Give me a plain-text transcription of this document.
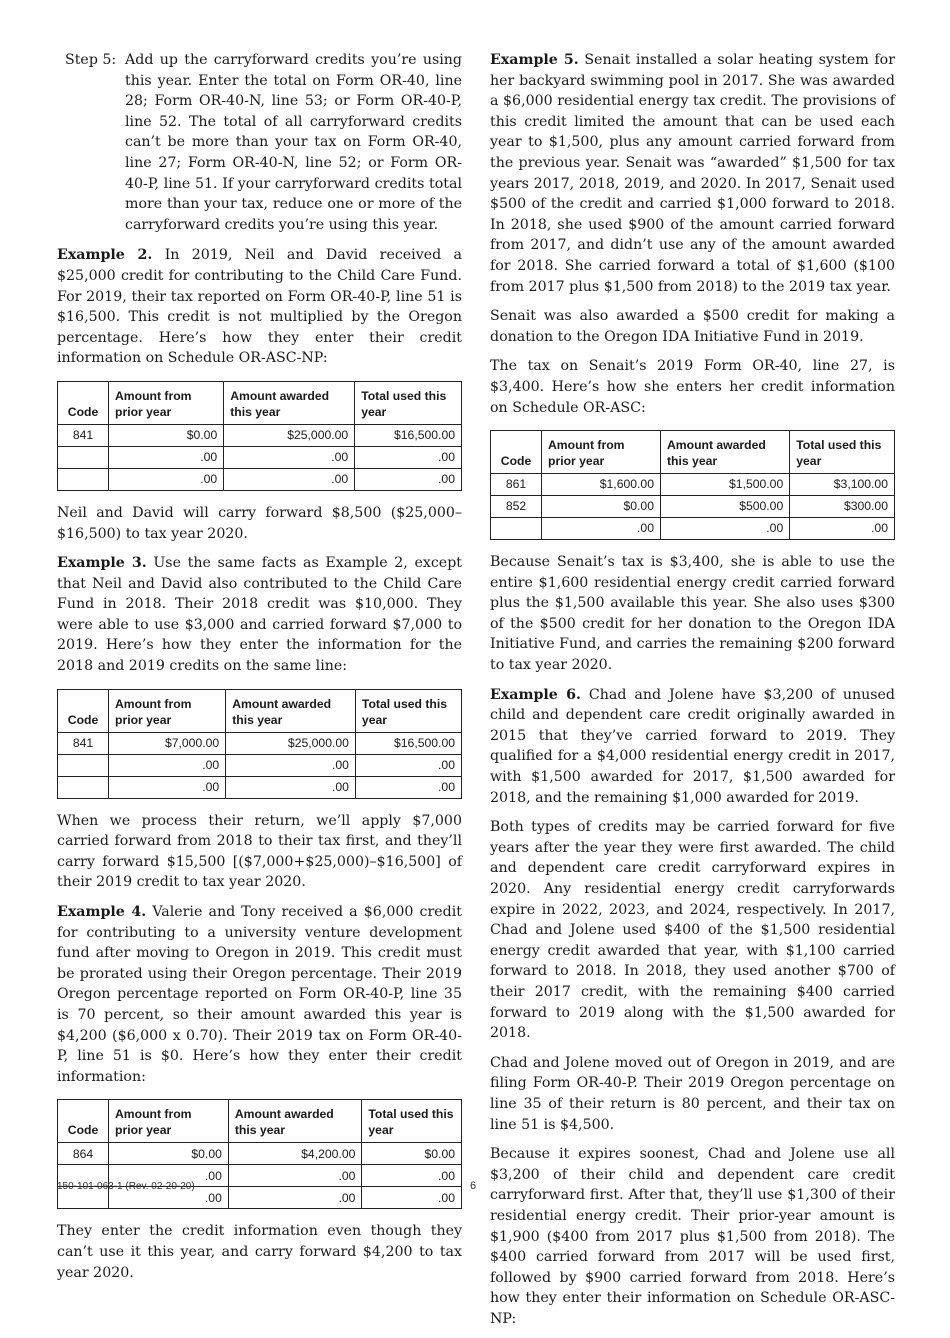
Step 5: Add up the carryforward credits you’re using this year. Enter the total on Form OR-40, line 28; Form OR-40-N, line 53; or Form OR-40-P, line 52. The total of all carryforward credits can’t be more than your tax on Form OR-40, line 27; Form OR-40-N, line 52; or Form OR-40-P, line 51. If your carryforward credits total more than your tax, reduce one or more of the carryforward credits you’re using this year.

Example 2. In 2019, Neil and David received a $25,000 credit for contributing to the Child Care Fund. For 2019, their tax reported on Form OR-40-P, line 51 is $16,500. This credit is not multiplied by the Oregon percentage. Here’s how they enter their credit information on Schedule OR-ASC-NP:

Code	Amount from prior year	Amount awarded this year	Total used this year
841	$0.00	$25,000.00	$16,500.00
	.00	.00	.00
	.00	.00	.00

Neil and David will carry forward $8,500 ($25,000–$16,500) to tax year 2020.

Example 3. Use the same facts as Example 2, except that Neil and David also contributed to the Child Care Fund in 2018. Their 2018 credit was $10,000. They were able to use $3,000 and carried forward $7,000 to 2019. Here’s how they enter the information for the 2018 and 2019 credits on the same line:

Code	Amount from prior year	Amount awarded this year	Total used this year
841	$7,000.00	$25,000.00	$16,500.00
	.00	.00	.00
	.00	.00	.00

When we process their return, we’ll apply $7,000 carried forward from 2018 to their tax first, and they’ll carry forward $15,500 [($7,000+$25,000)–$16,500] of their 2019 credit to tax year 2020.

Example 4. Valerie and Tony received a $6,000 credit for contributing to a university venture development fund after moving to Oregon in 2019. This credit must be prorated using their Oregon percentage. Their 2019 Oregon percentage reported on Form OR-40-P, line 35 is 70 percent, so their amount awarded this year is $4,200 ($6,000 x 0.70). Their 2019 tax on Form OR-40-P, line 51 is $0. Here’s how they enter their credit information:

Code	Amount from prior year	Amount awarded this year	Total used this year
864	$0.00	$4,200.00	$0.00
	.00	.00	.00
	.00	.00	.00

They enter the credit information even though they can’t use it this year, and carry forward $4,200 to tax year 2020.

Example 5. Senait installed a solar heating system for her backyard swimming pool in 2017. She was awarded a $6,000 residential energy tax credit. The provisions of this credit limited the amount that can be used each year to $1,500, plus any amount carried forward from the previous year. Senait was “awarded” $1,500 for tax years 2017, 2018, 2019, and 2020. In 2017, Senait used $500 of the credit and carried $1,000 forward to 2018. In 2018, she used $900 of the amount carried forward from 2017, and didn’t use any of the amount awarded for 2018. She carried forward a total of $1,600 ($100 from 2017 plus $1,500 from 2018) to the 2019 tax year.

Senait was also awarded a $500 credit for making a donation to the Oregon IDA Initiative Fund in 2019.

The tax on Senait’s 2019 Form OR-40, line 27, is $3,400. Here’s how she enters her credit information on Schedule OR-ASC:

Code	Amount from prior year	Amount awarded this year	Total used this year
861	$1,600.00	$1,500.00	$3,100.00
852	$0.00	$500.00	$300.00
	.00	.00	.00

Because Senait’s tax is $3,400, she is able to use the entire $1,600 residential energy credit carried forward plus the $1,500 available this year. She also uses $300 of the $500 credit for her donation to the Oregon IDA Initiative Fund, and carries the remaining $200 forward to tax year 2020.

Example 6. Chad and Jolene have $3,200 of unused child and dependent care credit originally awarded in 2015 that they’ve carried forward to 2019. They qualified for a $4,000 residential energy credit in 2017, with $1,500 awarded for 2017, $1,500 awarded for 2018, and the remaining $1,000 awarded for 2019.

Both types of credits may be carried forward for five years after the year they were first awarded. The child and dependent care credit carryforward expires in 2020. Any residential energy credit carryforwards expire in 2022, 2023, and 2024, respectively. In 2017, Chad and Jolene used $400 of the $1,500 residential energy credit awarded that year, with $1,100 carried forward to 2018. In 2018, they used another $700 of their 2017 credit, with the remaining $400 carried forward to 2019 along with the $1,500 awarded for 2018.

Chad and Jolene moved out of Oregon in 2019, and are filing Form OR-40-P. Their 2019 Oregon percentage on line 35 of their return is 80 percent, and their tax on line 51 is $4,500.

Because it expires soonest, Chad and Jolene use all $3,200 of their child and dependent care credit carryforward first. After that, they’ll use $1,300 of their residential energy credit. Their prior-year amount is $1,900 ($400 from 2017 plus $1,500 from 2018). The $400 carried forward from 2017 will be used first, followed by $900 carried forward from 2018. Here’s how they enter their information on Schedule OR-ASC-NP:

150-101-063-1 (Rev. 02-20-20)	6
